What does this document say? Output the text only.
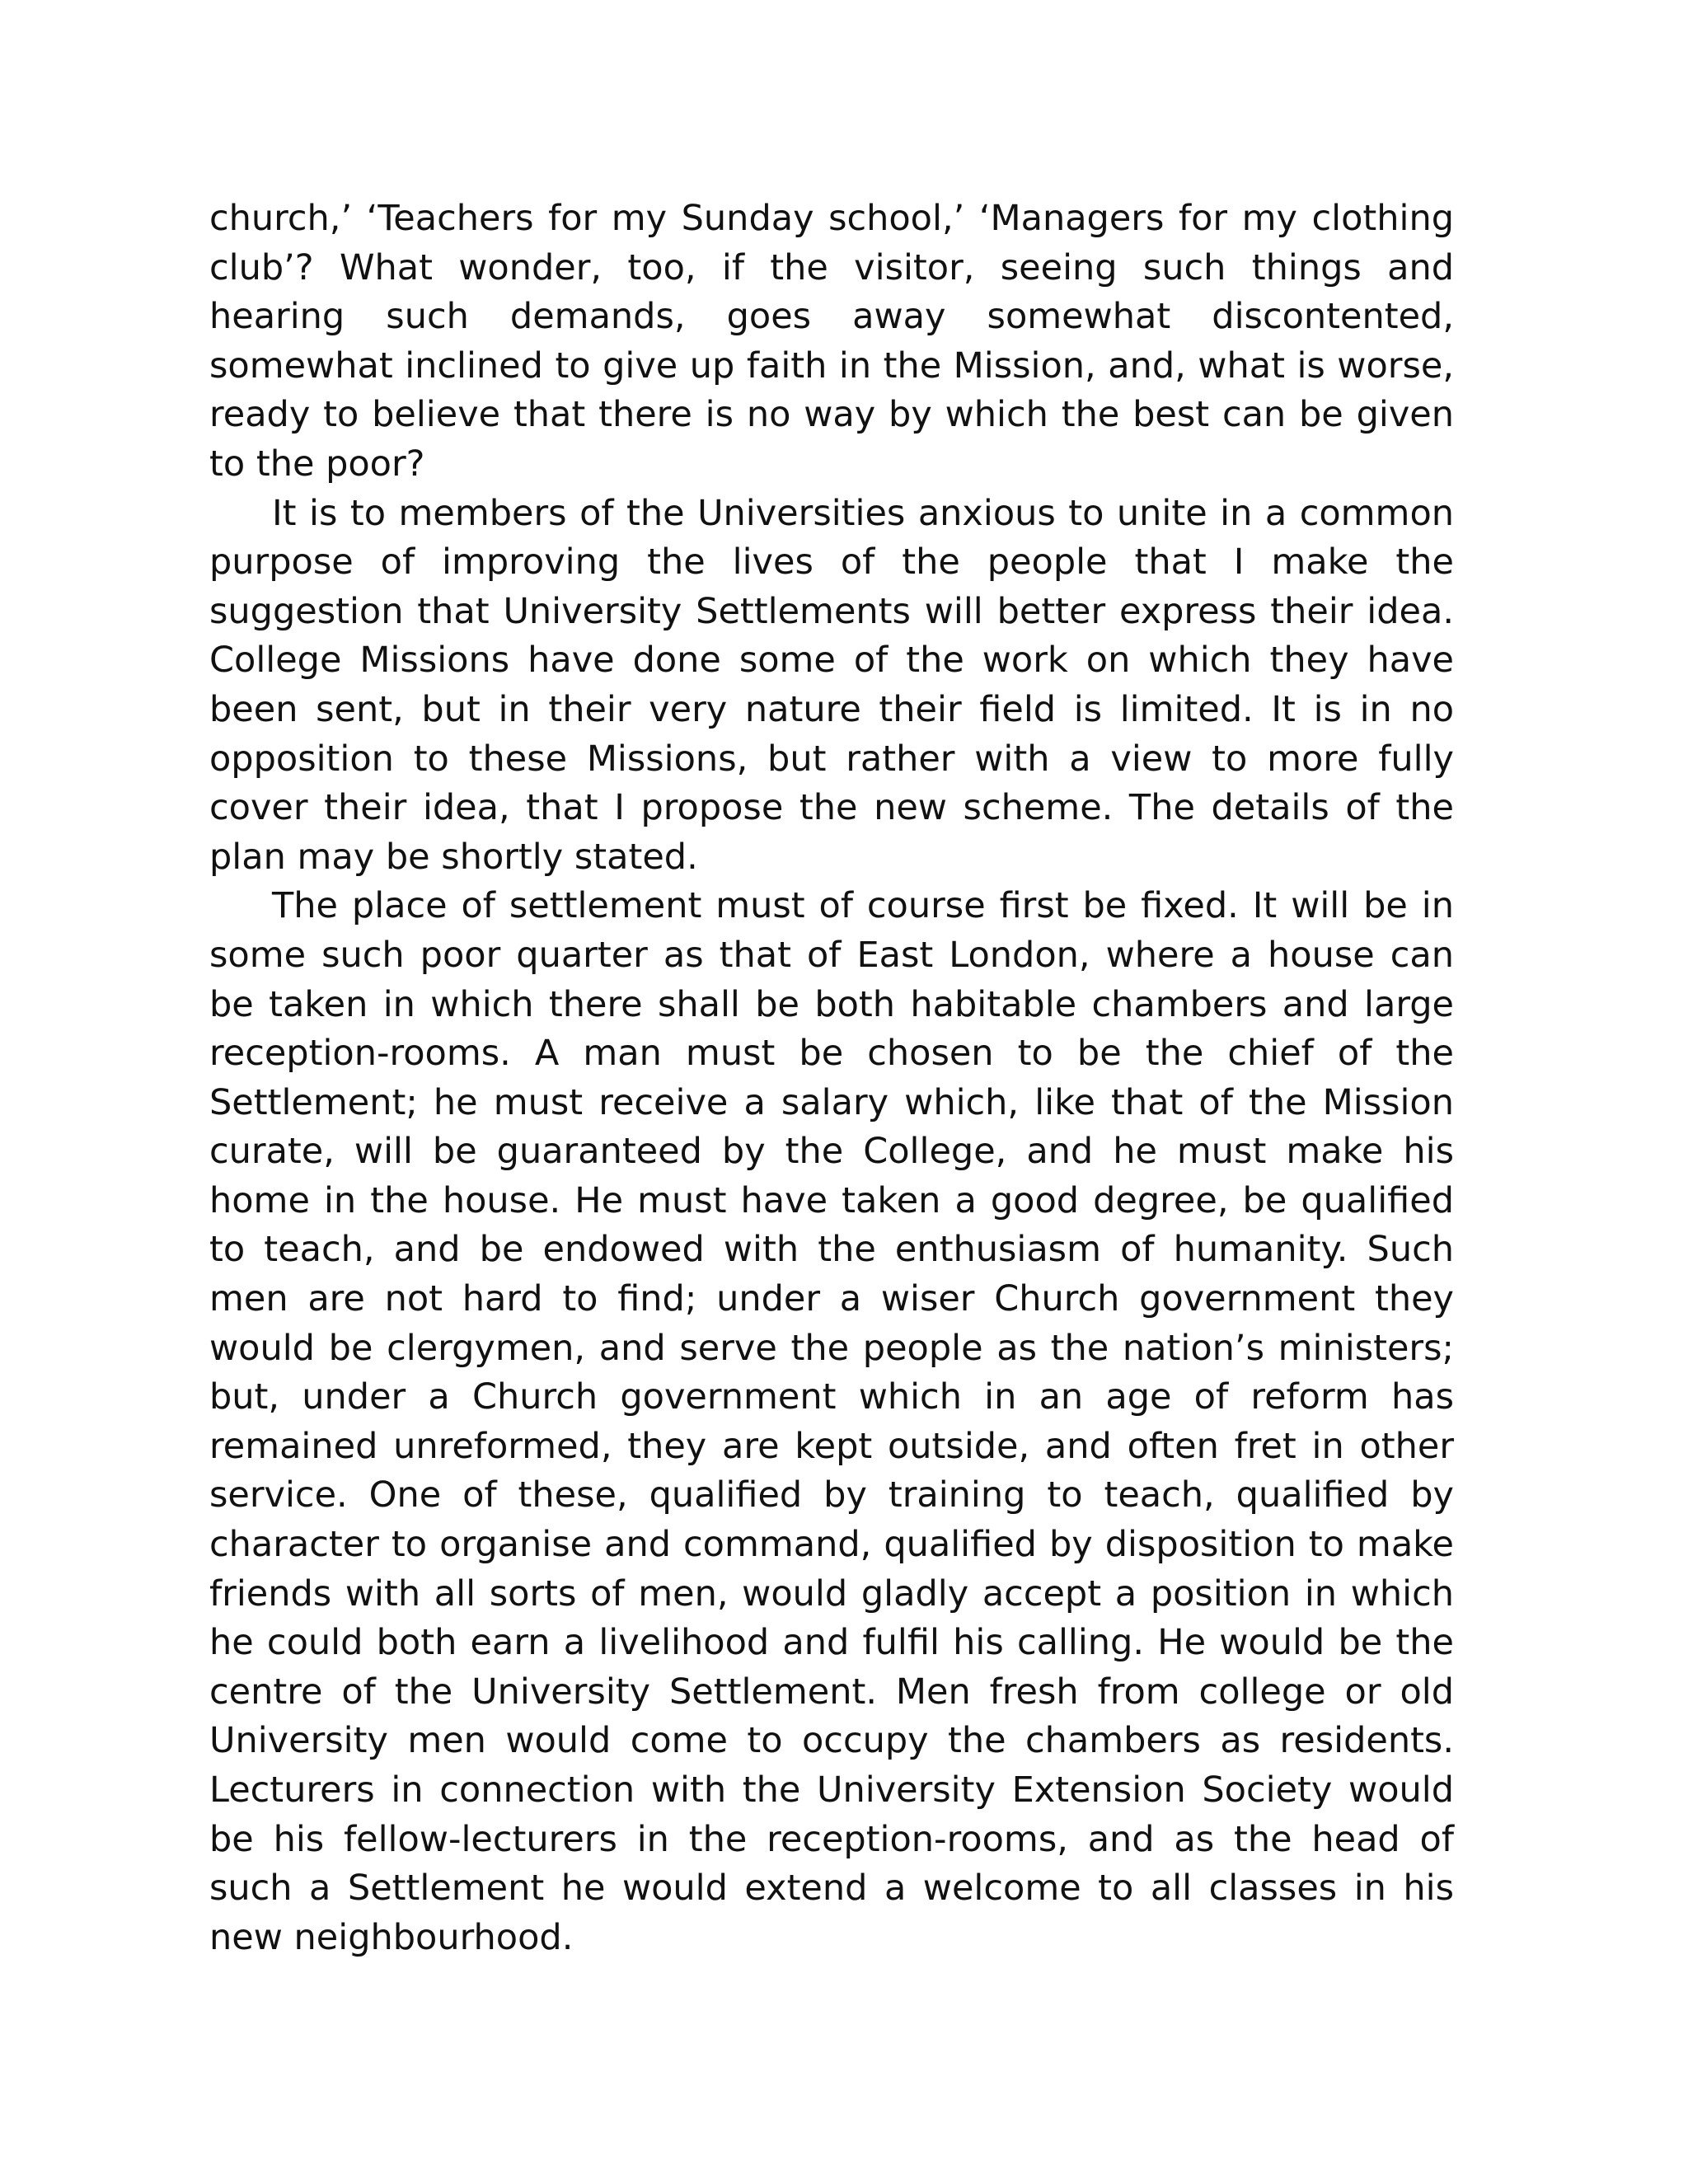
church,’ ‘Teachers for my Sunday school,’ ‘Managers for my clothing club’? What wonder, too, if the visitor, seeing such things and hearing such demands, goes away somewhat discontented, somewhat inclined to give up faith in the Mission, and, what is worse, ready to believe that there is no way by which the best can be given to the poor?

It is to members of the Universities anxious to unite in a common purpose of improving the lives of the people that I make the suggestion that University Settlements will better express their idea. College Missions have done some of the work on which they have been sent, but in their very nature their field is limited. It is in no opposition to these Missions, but rather with a view to more fully cover their idea, that I propose the new scheme. The details of the plan may be shortly stated.

The place of settlement must of course first be fixed. It will be in some such poor quarter as that of East London, where a house can be taken in which there shall be both habitable chambers and large reception-rooms. A man must be chosen to be the chief of the Settlement; he must receive a salary which, like that of the Mission curate, will be guaranteed by the College, and he must make his home in the house. He must have taken a good degree, be qualified to teach, and be endowed with the enthusiasm of humanity. Such men are not hard to find; under a wiser Church government they would be clergymen, and serve the people as the nation’s ministers; but, under a Church government which in an age of reform has remained unreformed, they are kept outside, and often fret in other service. One of these, qualified by training to teach, qualified by character to organise and command, qualified by disposition to make friends with all sorts of men, would gladly accept a position in which he could both earn a livelihood and fulfil his calling. He would be the centre of the University Settlement. Men fresh from college or old University men would come to occupy the chambers as residents. Lecturers in connection with the University Extension Society would be his fellow-lecturers in the reception-rooms, and as the head of such a Settlement he would extend a welcome to all classes in his new neighbourhood.
